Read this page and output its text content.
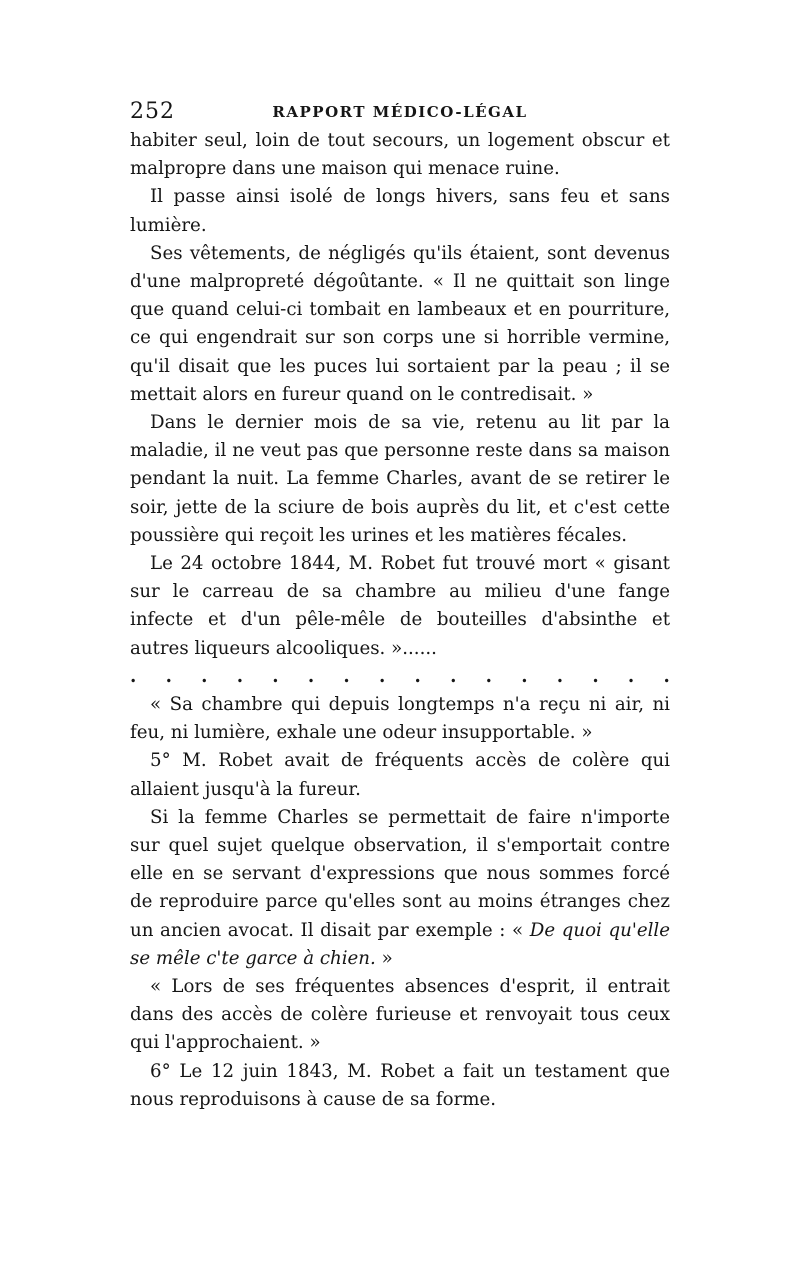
252	RAPPORT MÉDICO-LÉGAL

habiter seul, loin de tout secours, un logement obscur et malpropre dans une maison qui menace ruine.

Il passe ainsi isolé de longs hivers, sans feu et sans lumière.

Ses vêtements, de négligés qu'ils étaient, sont devenus d'une malpropreté dégoûtante. « Il ne quittait son linge que quand celui-ci tombait en lambeaux et en pourriture, ce qui engendrait sur son corps une si horrible vermine, qu'il disait que les puces lui sortaient par la peau ; il se mettait alors en fureur quand on le contredisait. »

Dans le dernier mois de sa vie, retenu au lit par la maladie, il ne veut pas que personne reste dans sa maison pendant la nuit. La femme Charles, avant de se retirer le soir, jette de la sciure de bois auprès du lit, et c'est cette poussière qui reçoit les urines et les matières fécales.

Le 24 octobre 1844, M. Robet fut trouvé mort « gisant sur le carreau de sa chambre au milieu d'une fange infecte et d'un pêle-mêle de bouteilles d'absinthe et autres liqueurs alcooliques. »......

. . . . . . . . . . . . . . . .

« Sa chambre qui depuis longtemps n'a reçu ni air, ni feu, ni lumière, exhale une odeur insupportable. »

5° M. Robet avait de fréquents accès de colère qui allaient jusqu'à la fureur.

Si la femme Charles se permettait de faire n'importe sur quel sujet quelque observation, il s'emportait contre elle en se servant d'expressions que nous sommes forcé de reproduire parce qu'elles sont au moins étranges chez un ancien avocat. Il disait par exemple : « De quoi qu'elle se mêle c'te garce à chien. »

« Lors de ses fréquentes absences d'esprit, il entrait dans des accès de colère furieuse et renvoyait tous ceux qui l'approchaient. »

6° Le 12 juin 1843, M. Robet a fait un testament que nous reproduisons à cause de sa forme.
